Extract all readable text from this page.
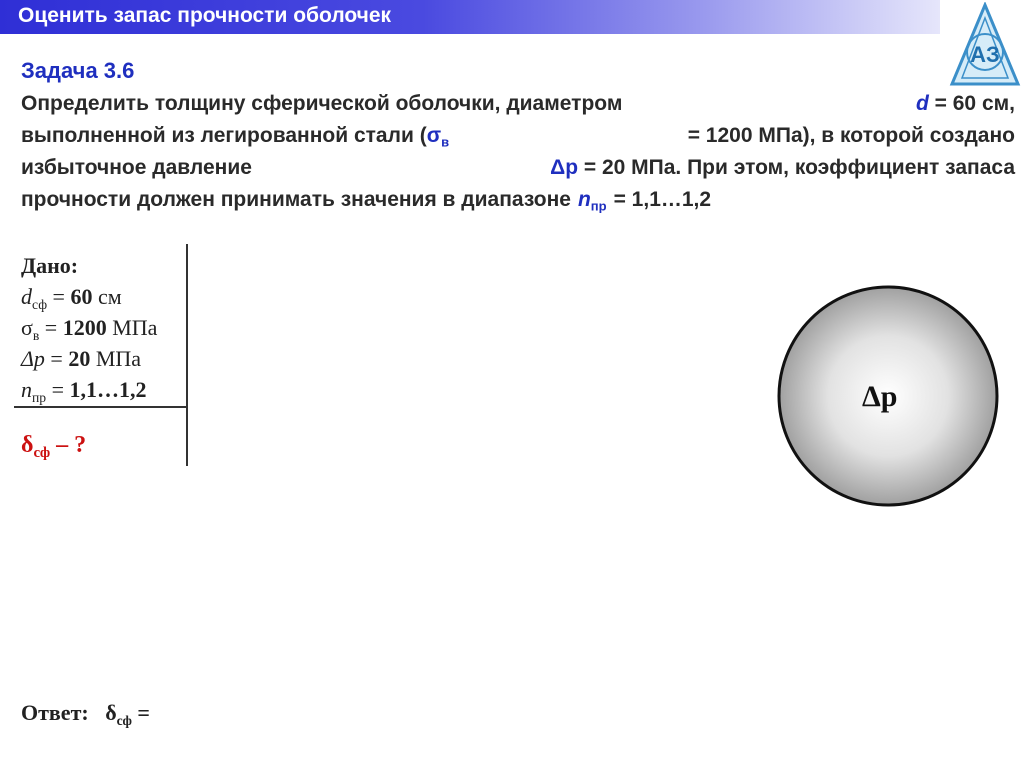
Оценить запас прочности оболочек
АЗ
Задача 3.6
Определить толщину сферической оболочки, диаметром	d = 60 см,
выполненной из легированной стали ($\sigma_в$	= 1200 МПа), в которой создано
избыточное давление	Δp = 20 МПа. При этом, коэффициент запаса
прочности должен принимать значения в диапазоне $n_{пр}$ = 1,1…1,2
Дано:
$d_{сф} = 60$ см
$\sigma_в = 1200$ МПа
Δp = 20 МПа
$n_{пр}$ = 1,1…1,2
$\delta_{сф}$ – ?
Ответ: $\delta_{сф}$ =
Δp
